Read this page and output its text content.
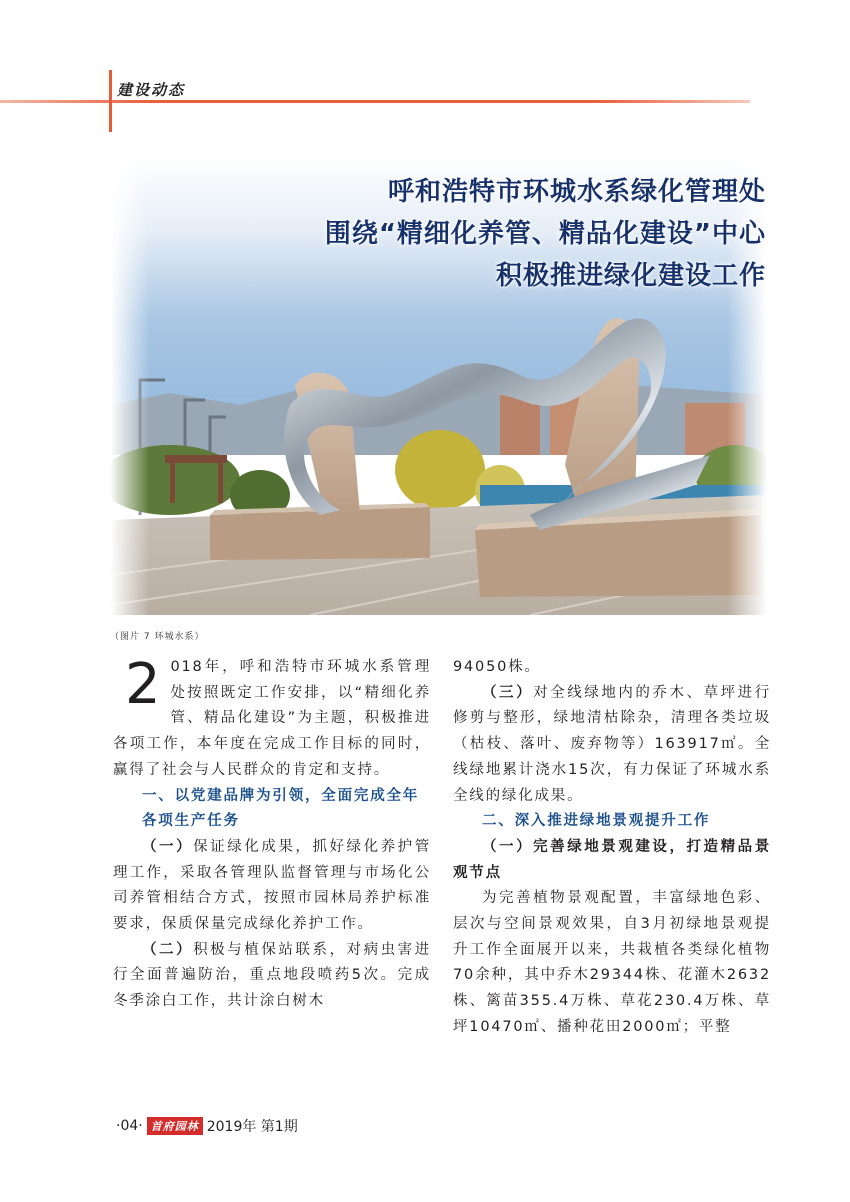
建设动态
呼和浩特市环城水系绿化管理处
围绕“精细化养管、精品化建设”中心
积极推进绿化建设工作
（图片 7 环城水系）

2 018年，呼和浩特市环城水系管理处按照既定工作安排，以“精细化养管、精品化建设”为主题，积极推进各项工作，本年度在完成工作目标的同时，赢得了社会与人民群众的肯定和支持。

一、以党建品牌为引领，全面完成全年各项生产任务

（一）保证绿化成果，抓好绿化养护管理工作，采取各管理队监督管理与市场化公司养管相结合方式，按照市园林局养护标准要求，保质保量完成绿化养护工作。

（二）积极与植保站联系，对病虫害进行全面普遍防治，重点地段喷药5次。完成冬季涂白工作，共计涂白树木

94050株。

（三）对全线绿地内的乔木、草坪进行修剪与整形，绿地清枯除杂，清理各类垃圾（枯枝、落叶、废弃物等）163917㎡。全线绿地累计浇水15次，有力保证了环城水系全线的绿化成果。

二、深入推进绿地景观提升工作

（一）完善绿地景观建设，打造精品景观节点

为完善植物景观配置，丰富绿地色彩、层次与空间景观效果，自3月初绿地景观提升工作全面展开以来，共栽植各类绿化植物70余种，其中乔木29344株、花灌木2632株、篱苗355.4万株、草花230.4万株、草坪10470㎡、播种花田2000㎡；平整

·04· 首府园林 2019年 第1期
